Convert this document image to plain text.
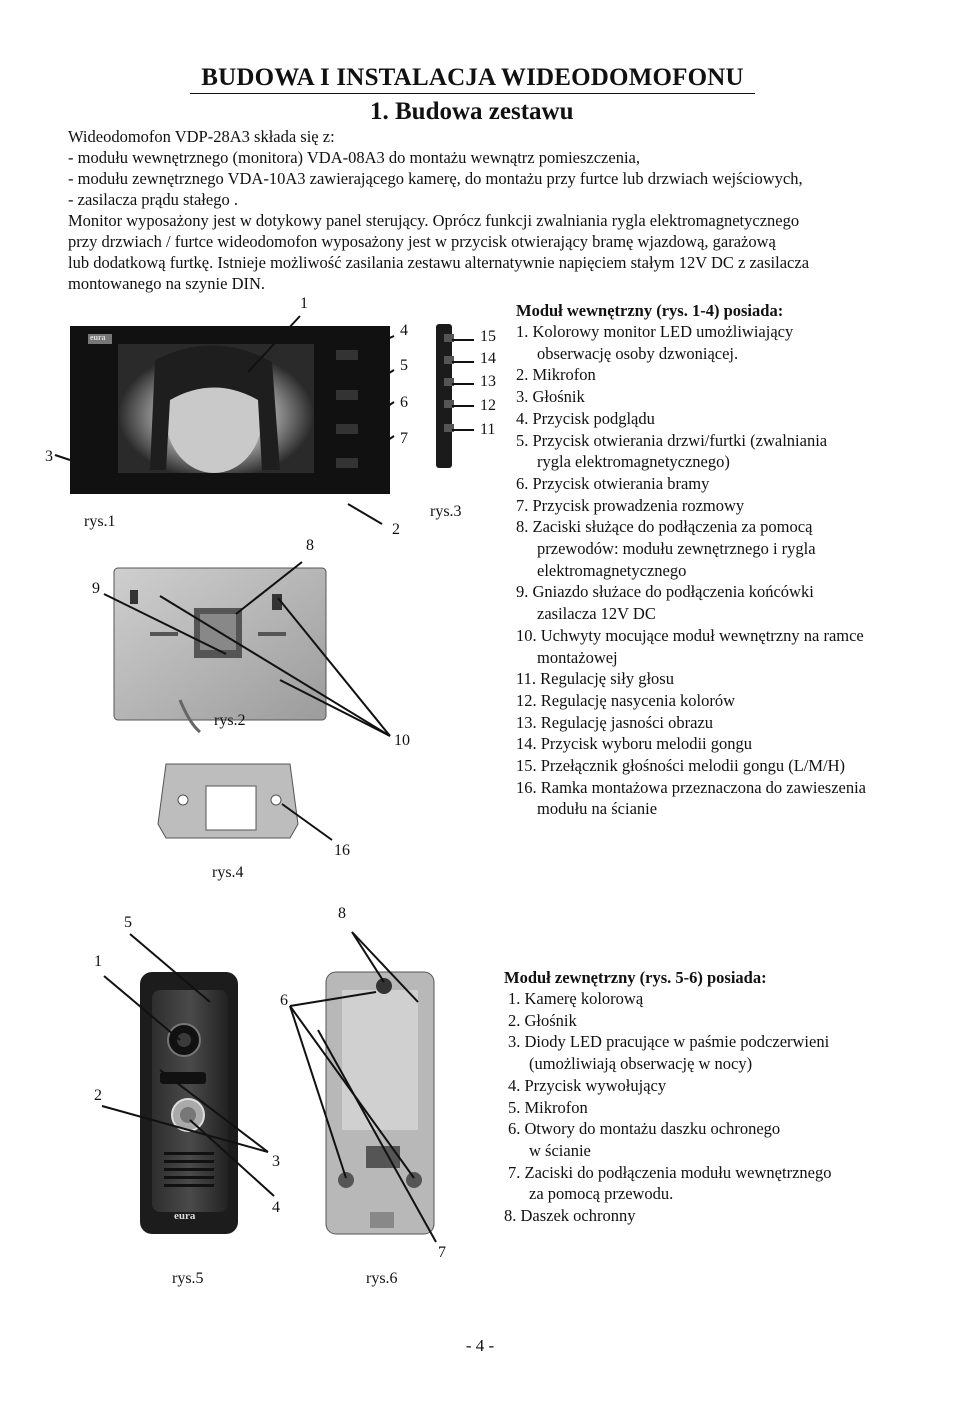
BUDOWA I INSTALACJA WIDEODOMOFONU
1. Budowa zestawu
Wideodomofon VDP-28A3 składa się z:
- modułu wewnętrznego (monitora) VDA-08A3 do montażu wewnątrz pomieszczenia,
- modułu zewnętrznego VDA-10A3 zawierającego kamerę, do montażu przy furtce lub drzwiach wejściowych,
- zasilacza prądu stałego .
Monitor wyposażony jest w dotykowy panel sterujący. Oprócz funkcji zwalniania rygla elektromagnetycznego
przy drzwiach / furtce wideodomofon wyposażony jest w przycisk otwierający bramę wjazdową, garażową
lub dodatkową furtkę. Istnieje możliwość zasilania zestawu alternatywnie napięciem stałym 12V DC z zasilacza
montowanego na szynie DIN.
eura
eura
rys.1
rys.2
rys.3
rys.4
rys.5	rys.6
1
4
5
6
7
3
2
15
14
13
12
11
8
9
10
16
5
8
1
6
2
3
4
7
Moduł wewnętrzny (rys. 1-4) posiada:
1. Kolorowy monitor LED umożliwiający
obserwację osoby dzwoniącej.
2. Mikrofon
3. Głośnik
4. Przycisk podglądu
5. Przycisk otwierania drzwi/furtki (zwalniania
rygla elektromagnetycznego)
6. Przycisk otwierania bramy
7. Przycisk prowadzenia rozmowy
8. Zaciski służące do podłączenia za pomocą
przewodów: modułu zewnętrznego i rygla
elektromagnetycznego
9. Gniazdo służace do podłączenia końcówki
zasilacza 12V DC
10. Uchwyty mocujące moduł wewnętrzny na ramce
montażowej
11. Regulację siły głosu
12. Regulację nasycenia kolorów
13. Regulację jasności obrazu
14. Przycisk wyboru melodii gongu
15. Przełącznik głośności melodii gongu (L/M/H)
16. Ramka montażowa przeznaczona do zawieszenia
modułu na ścianie
Moduł zewnętrzny (rys. 5-6) posiada:
1. Kamerę kolorową
2. Głośnik
3. Diody LED pracujące w paśmie podczerwieni
(umożliwiają obserwację w nocy)
4. Przycisk wywołujący
5. Mikrofon
6. Otwory do montażu daszku ochronego
w ścianie
7. Zaciski do podłączenia modułu wewnętrznego
za pomocą przewodu.
8. Daszek ochronny
- 4 -
